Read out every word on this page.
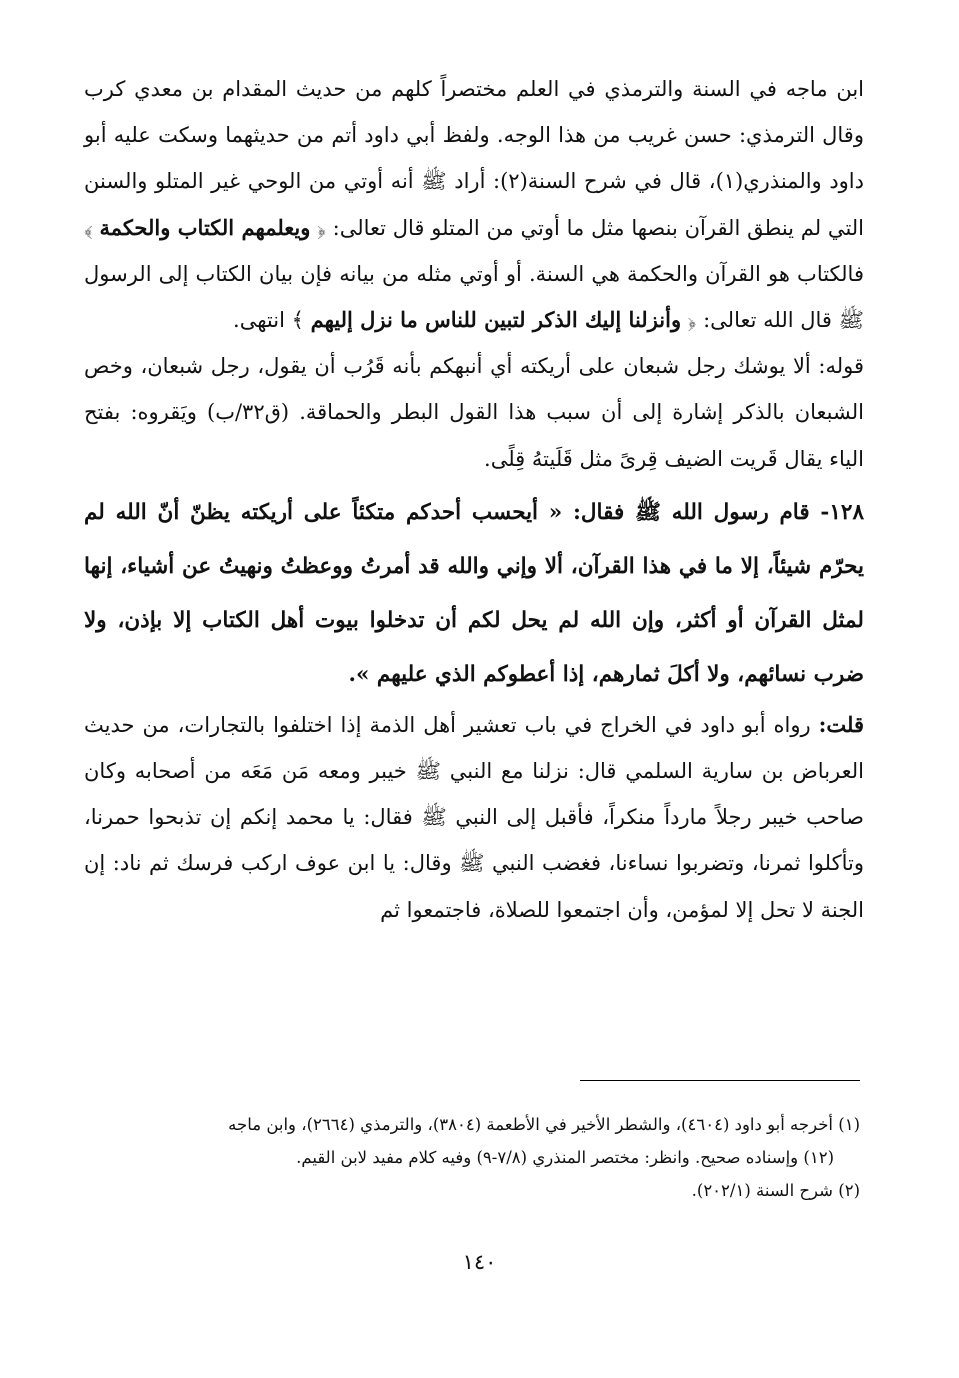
ابن ماجه في السنة والترمذي في العلم مختصراً كلهم من حديث المقدام بن معدي كرب وقال الترمذي: حسن غريب من هذا الوجه. ولفظ أبي داود أتم من حديثهما وسكت عليه أبو داود والمنذري(١)، قال في شرح السنة(٢): أراد ﷺ أنه أوتي من الوحي غير المتلو والسنن التي لم ينطق القرآن بنصها مثل ما أوتي من المتلو قال تعالى: ﴿ ويعلمهم الكتاب والحكمة ﴾ فالكتاب هو القرآن والحكمة هي السنة. أو أوتي مثله من بيانه فإن بيان الكتاب إلى الرسول ﷺ قال الله تعالى: ﴿ وأنزلنا إليك الذكر لتبين للناس ما نزل إليهم ﴾ انتهى.

قوله: ألا يوشك رجل شبعان على أريكته أي أنبهكم بأنه قَرُب أن يقول، رجل شبعان، وخص الشبعان بالذكر إشارة إلى أن سبب هذا القول البطر والحماقة. (ق٣٢/ب) ويَقروه: بفتح الياء يقال قَريت الضيف قِرىً مثل قَلَيتهُ قِلًى.

١٢٨- قام رسول الله ﷺ فقال: « أيحسب أحدكم متكئاً على أريكته يظنّ أنّ الله لم يحرّم شيئاً، إلا ما في هذا القرآن، ألا وإني والله قد أمرتُ ووعظتُ ونهيتُ عن أشياء، إنها لمثل القرآن أو أكثر، وإن الله لم يحل لكم أن تدخلوا بيوت أهل الكتاب إلا بإذن، ولا ضرب نسائهم، ولا أكلَ ثمارهم، إذا أعطوكم الذي عليهم ».

قلت: رواه أبو داود في الخراج في باب تعشير أهل الذمة إذا اختلفوا بالتجارات، من حديث العرباض بن سارية السلمي قال: نزلنا مع النبي ﷺ خيبر ومعه مَن مَعَه من أصحابه وكان صاحب خيبر رجلاً مارداً منكراً، فأقبل إلى النبي ﷺ فقال: يا محمد إنكم إن تذبحوا حمرنا، وتأكلوا ثمرنا، وتضربوا نساءنا، فغضب النبي ﷺ وقال: يا ابن عوف اركب فرسك ثم ناد: إن الجنة لا تحل إلا لمؤمن، وأن اجتمعوا للصلاة، فاجتمعوا ثم

(١) أخرجه أبو داود (٤٦٠٤)، والشطر الأخير في الأطعمة (٣٨٠٤)، والترمذي (٢٦٦٤)، وابن ماجه

(١٢) وإسناده صحيح. وانظر: مختصر المنذري (٧/٨-٩) وفيه كلام مفيد لابن القيم.

(٢) شرح السنة (٢٠٢/١).

١٤٠
